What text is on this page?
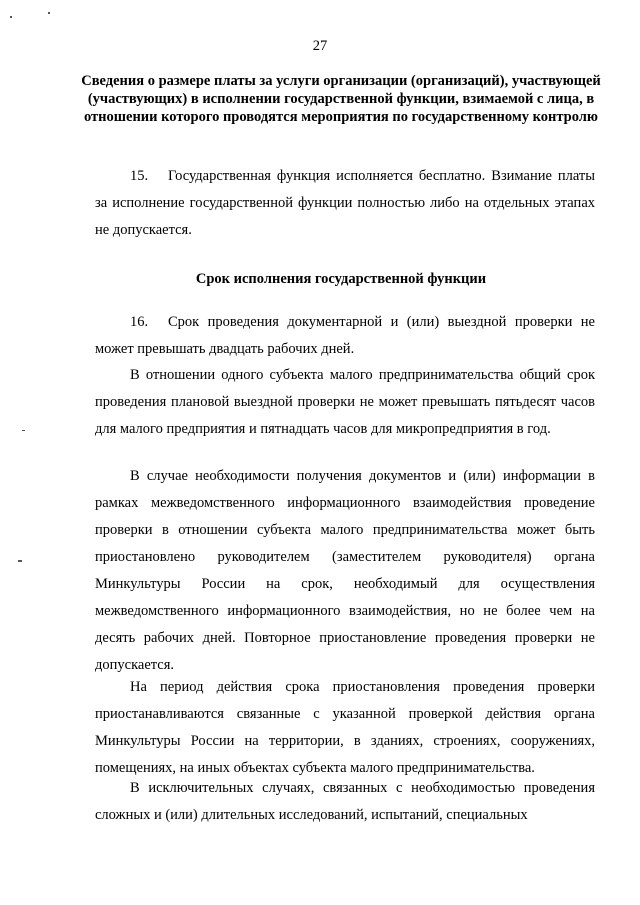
27
Сведения о размере платы за услуги организации (организаций), участвующей (участвующих) в исполнении государственной функции, взимаемой с лица, в отношении которого проводятся мероприятия по государственному контролю

15. Государственная функция исполняется бесплатно. Взимание платы за исполнение государственной функции полностью либо на отдельных этапах не допускается.

Срок исполнения государственной функции

16. Срок проведения документарной и (или) выездной проверки не может превышать двадцать рабочих дней.

В отношении одного субъекта малого предпринимательства общий срок проведения плановой выездной проверки не может превышать пятьдесят часов для малого предприятия и пятнадцать часов для микропредприятия в год.

В случае необходимости получения документов и (или) информации в рамках межведомственного информационного взаимодействия проведение проверки в отношении субъекта малого предпринимательства может быть приостановлено руководителем (заместителем руководителя) органа Минкультуры России на срок, необходимый для осуществления межведомственного информационного взаимодействия, но не более чем на десять рабочих дней. Повторное приостановление проведения проверки не допускается.

На период действия срока приостановления проведения проверки приостанавливаются связанные с указанной проверкой действия органа Минкультуры России на территории, в зданиях, строениях, сооружениях, помещениях, на иных объектах субъекта малого предпринимательства.

В исключительных случаях, связанных с необходимостью проведения сложных и (или) длительных исследований, испытаний, специальных
